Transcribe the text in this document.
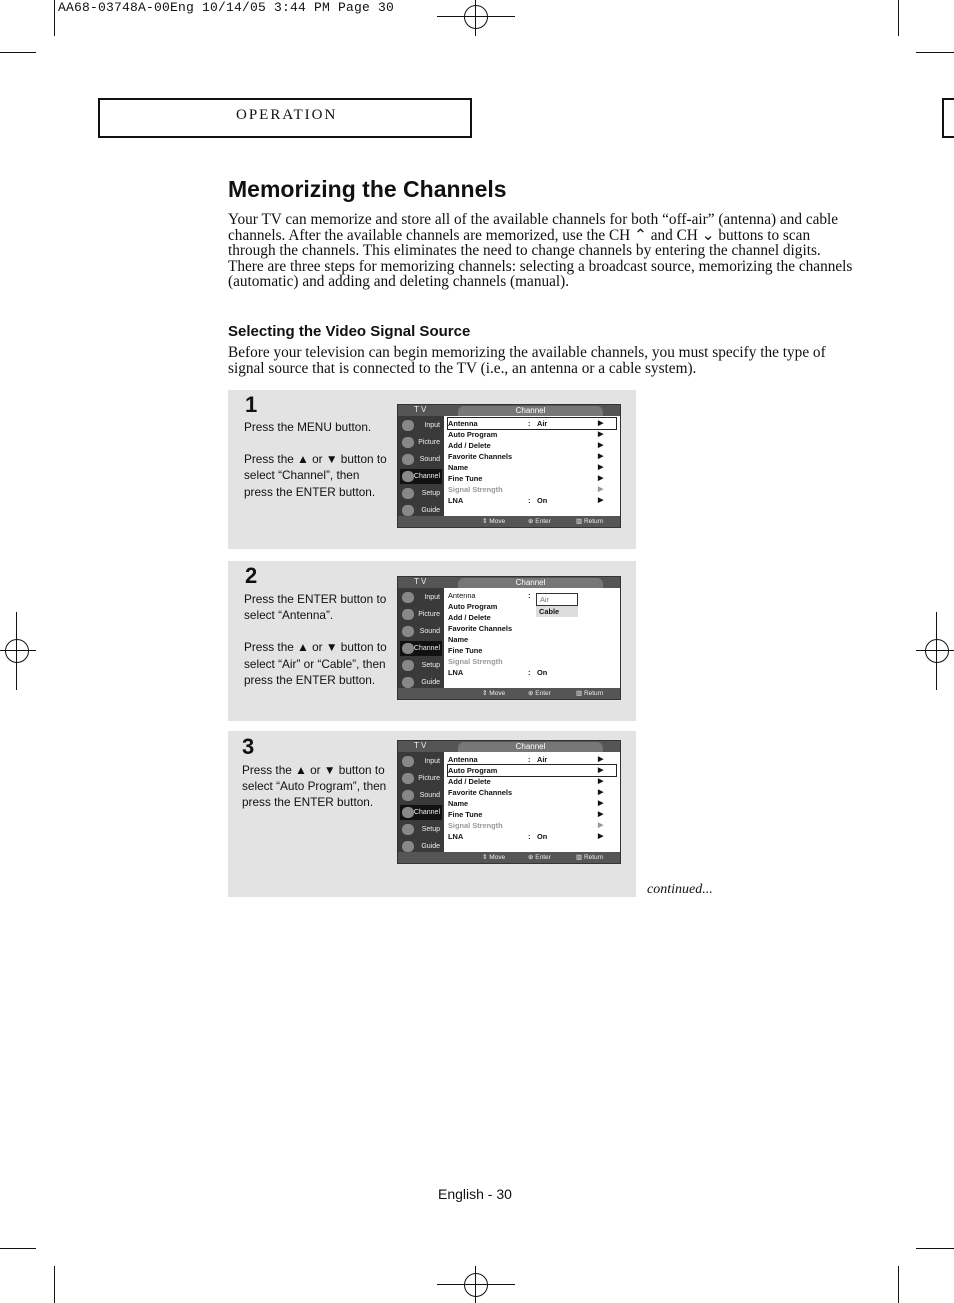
AA68-03748A-00Eng 10/14/05 3:44 PM Page 30
OPERATION
Memorizing the Channels
Your TV can memorize and store all of the available channels for both “off-air” (antenna) and cable channels. After the available channels are memorized, use the CH ⌃ and CH ⌄ buttons to scan through the channels. This eliminates the need to change channels by entering the channel digits. There are three steps for memorizing channels: selecting a broadcast source, memorizing the channels (automatic) and adding and deleting channels (manual).
Selecting the Video Signal Source
Before your television can begin memorizing the available channels, you must specify the type of signal source that is connected to the TV (i.e., an antenna or a cable system).
1

Press the MENU button.

Press the ▲ or ▼ button to select “Channel”, then press the ENTER button.

T V	Channel
Input
Picture
Sound
Channel
Setup
Guide
Antenna	: Air	▶
Auto Program	▶
Add / Delete	▶
Favorite Channels	▶
Name	▶
Fine Tune	▶
Signal Strength	▶
LNA	: On	▶
⇕ Move	⊕ Enter	▥ Return
2

Press the ENTER button to select “Antenna”.

Press the ▲ or ▼ button to select “Air” or “Cable”, then press the ENTER button.

T V	Channel
Input
Picture
Sound
Channel
Setup
Guide
Antenna	:
Auto Program
Add / Delete
Favorite Channels
Name
Fine Tune
Signal Strength
LNA	: On
Air
Cable
⇕ Move	⊕ Enter	▥ Return
3

Press the ▲ or ▼ button to select “Auto Program”, then press the ENTER button.

T V	Channel
Input
Picture
Sound
Channel
Setup
Guide
Antenna	: Air	▶
Auto Program	▶
Add / Delete	▶
Favorite Channels	▶
Name	▶
Fine Tune	▶
Signal Strength	▶
LNA	: On	▶
⇕ Move	⊕ Enter	▥ Return
continued...
English - 30
